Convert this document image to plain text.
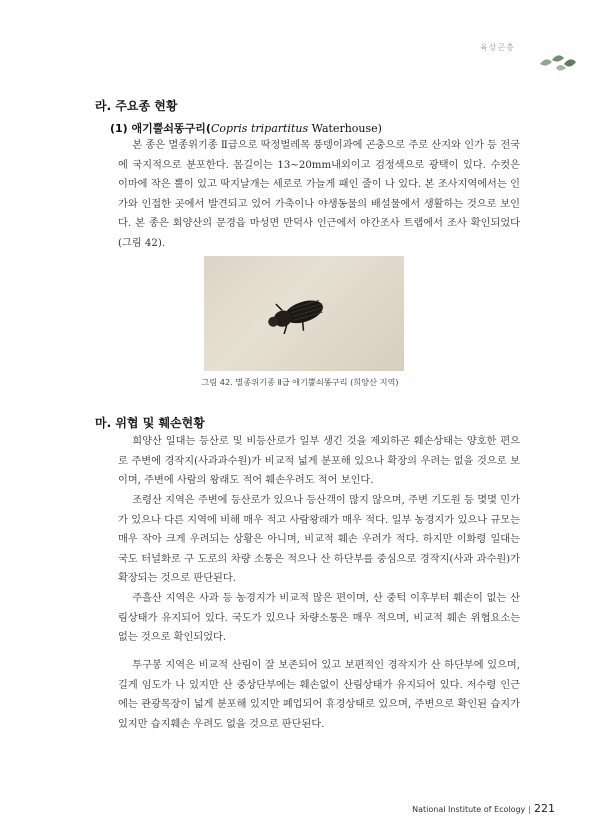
육상곤충
라. 주요종 현황
(1) 애기뿔쇠똥구리(Copris tripartitus Waterhouse)

본 종은 멸종위기종 Ⅱ급으로 딱정벌레목 풍뎅이과에 곤충으로 주로 산지와 인가 등 전국에 국지적으로 분포한다. 몸길이는 13~20mm내외이고 검정색으로 광택이 있다. 수컷은 이마에 작은 뿔이 있고 딱지날개는 세로로 가늘게 패인 줄이 나 있다. 본 조사지역에서는 인가와 인접한 곳에서 발견되고 있어 가축이나 야생동물의 배설물에서 생활하는 것으로 보인다. 본 종은 회양산의 문경읍 마성면 만덕사 인근에서 야간조사 트랩에서 조사 확인되었다(그림 42).

그림 42. 멸종위기종 Ⅱ급 애기뿔쇠똥구리 (희양산 지역)
마. 위협 및 훼손현황

희양산 일대는 등산로 및 비등산로가 일부 생긴 것을 제외하곤 훼손상태는 양호한 편으로 주변에 경작지(사과과수원)가 비교적 넓게 분포해 있으나 확장의 우려는 없을 것으로 보이며, 주변에 사람의 왕래도 적어 훼손우려도 적어 보인다.

조령산 지역은 주변에 등산로가 있으나 등산객이 많지 않으며, 주변 기도원 등 몇몇 민가가 있으나 다른 지역에 비해 매우 적고 사람왕래가 매우 적다. 일부 농경지가 있으나 규모는 매우 작아 크게 우려되는 상황은 아니며, 비교적 훼손 우려가 적다. 하지만 이화령 일대는 국도 터널화로 구 도로의 차량 소통은 적으나 산 하단부를 중심으로 경작지(사과 과수원)가 확장되는 것으로 판단된다.

주흘산 지역은 사과 등 농경지가 비교적 많은 편이며, 산 중턱 이후부터 훼손이 없는 산림상태가 유지되어 있다. 국도가 있으나 차량소통은 매우 적으며, 비교적 훼손 위협요소는 없는 것으로 확인되었다.

투구봉 지역은 비교적 산림이 잘 보존되어 있고 보편적인 경작지가 산 하단부에 있으며, 길게 임도가 나 있지만 산 중상단부에는 훼손없이 산림상태가 유지되어 있다. 저수령 인근에는 관광목장이 넓게 분포해 있지만 폐업되어 휴경상태로 있으며, 주변으로 확인된 습지가 있지만 습지훼손 우려도 없을 것으로 판단된다.

National Institute of Ecology | 221
